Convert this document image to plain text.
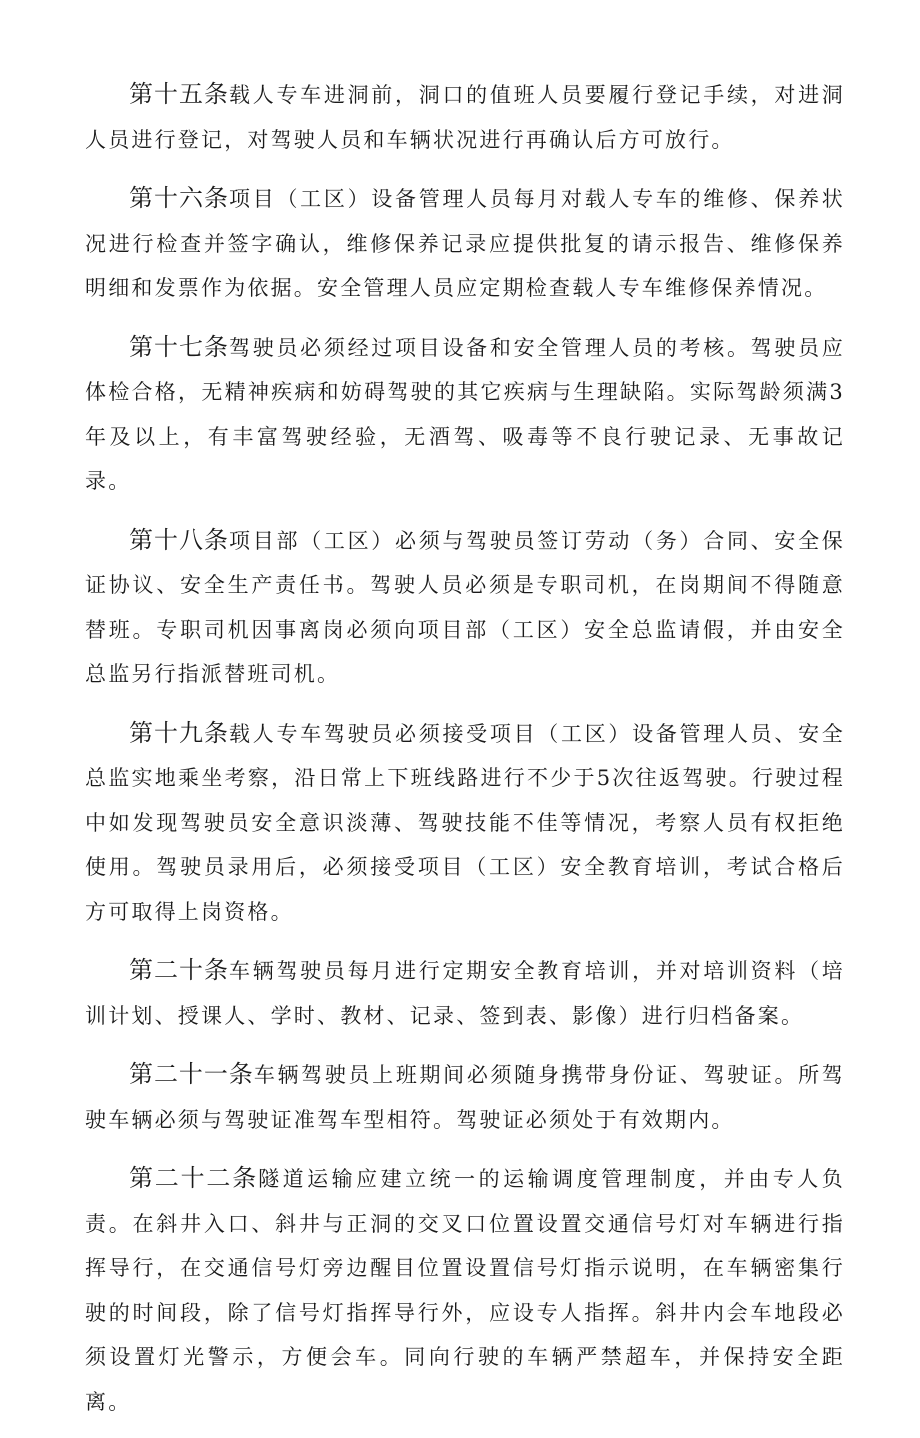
第十五条载人专车进洞前，洞口的值班人员要履行登记手续，对进洞人员进行登记，对驾驶人员和车辆状况进行再确认后方可放行。

第十六条项目（工区）设备管理人员每月对载人专车的维修、保养状况进行检查并签字确认，维修保养记录应提供批复的请示报告、维修保养明细和发票作为依据。安全管理人员应定期检查载人专车维修保养情况。

第十七条驾驶员必须经过项目设备和安全管理人员的考核。驾驶员应体检合格，无精神疾病和妨碍驾驶的其它疾病与生理缺陷。实际驾龄须满3年及以上，有丰富驾驶经验，无酒驾、吸毒等不良行驶记录、无事故记录。

第十八条项目部（工区）必须与驾驶员签订劳动（务）合同、安全保证协议、安全生产责任书。驾驶人员必须是专职司机，在岗期间不得随意替班。专职司机因事离岗必须向项目部（工区）安全总监请假，并由安全总监另行指派替班司机。

第十九条载人专车驾驶员必须接受项目（工区）设备管理人员、安全总监实地乘坐考察，沿日常上下班线路进行不少于5次往返驾驶。行驶过程中如发现驾驶员安全意识淡薄、驾驶技能不佳等情况，考察人员有权拒绝使用。驾驶员录用后，必须接受项目（工区）安全教育培训，考试合格后方可取得上岗资格。

第二十条车辆驾驶员每月进行定期安全教育培训，并对培训资料（培训计划、授课人、学时、教材、记录、签到表、影像）进行归档备案。

第二十一条车辆驾驶员上班期间必须随身携带身份证、驾驶证。所驾驶车辆必须与驾驶证准驾车型相符。驾驶证必须处于有效期内。

第二十二条隧道运输应建立统一的运输调度管理制度，并由专人负责。在斜井入口、斜井与正洞的交叉口位置设置交通信号灯对车辆进行指挥导行，在交通信号灯旁边醒目位置设置信号灯指示说明，在车辆密集行驶的时间段，除了信号灯指挥导行外，应设专人指挥。斜井内会车地段必须设置灯光警示，方便会车。同向行驶的车辆严禁超车，并保持安全距离。
